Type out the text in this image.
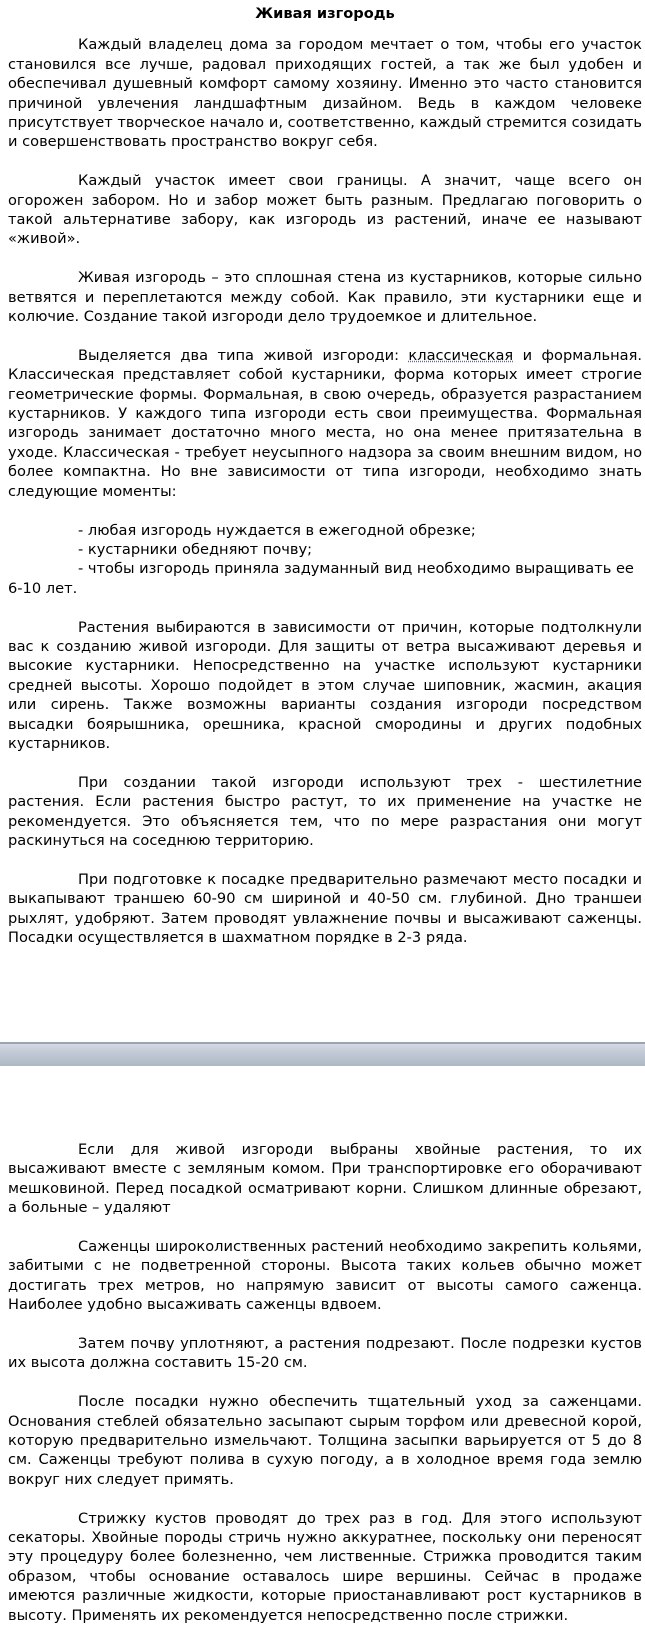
Живая изгородь

Каждый владелец дома за городом мечтает о том, чтобы его участок становился все лучше, радовал приходящих гостей, а так же был удобен и обеспечивал душевный комфорт самому хозяину. Именно это часто становится причиной увлечения ландшафтным дизайном. Ведь в каждом человеке присутствует творческое начало и, соответственно, каждый стремится созидать и совершенствовать пространство вокруг себя.

Каждый участок имеет свои границы. А значит, чаще всего он огорожен забором. Но и забор может быть разным. Предлагаю поговорить о такой альтернативе забору, как изгородь из растений, иначе ее называют «живой».

Живая изгородь – это сплошная стена из кустарников, которые сильно ветвятся и переплетаются между собой. Как правило, эти кустарники еще и колючие. Создание такой изгороди дело трудоемкое и длительное.

Выделяется два типа живой изгороди: классическая и формальная. Классическая представляет собой кустарники, форма которых имеет строгие геометрические формы. Формальная, в свою очередь, образуется разрастанием кустарников. У каждого типа изгороди есть свои преимущества. Формальная изгородь занимает достаточно много места, но она менее притязательна в уходе. Классическая - требует неусыпного надзора за своим внешним видом, но более компактна. Но вне зависимости от типа изгороди, необходимо знать следующие моменты:

- любая изгородь нуждается в ежегодной обрезке;
- кустарники обедняют почву;
- чтобы изгородь приняла задуманный вид необходимо выращивать ее 6-10 лет.

Растения выбираются в зависимости от причин, которые подтолкнули вас к созданию живой изгороди. Для защиты от ветра высаживают деревья и высокие кустарники. Непосредственно на участке используют кустарники средней высоты. Хорошо подойдет в этом случае шиповник, жасмин, акация или сирень. Также возможны варианты создания изгороди посредством высадки боярышника, орешника, красной смородины и других подобных кустарников.

При создании такой изгороди используют трех - шестилетние растения. Если растения быстро растут, то их применение на участке не рекомендуется. Это объясняется тем, что по мере разрастания они могут раскинуться на соседнюю территорию.

При подготовке к посадке предварительно размечают место посадки и выкапывают траншею 60-90 см шириной и 40-50 см. глубиной. Дно траншеи рыхлят, удобряют. Затем проводят увлажнение почвы и высаживают саженцы. Посадки осуществляется в шахматном порядке в 2-3 ряда.

Если для живой изгороди выбраны хвойные растения, то их высаживают вместе с земляным комом. При транспортировке его оборачивают мешковиной. Перед посадкой осматривают корни. Слишком длинные обрезают, а больные – удаляют

Саженцы широколиственных растений необходимо закрепить кольями, забитыми с не подветренной стороны. Высота таких кольев обычно может достигать трех метров, но напрямую зависит от высоты самого саженца. Наиболее удобно высаживать саженцы вдвоем.

Затем почву уплотняют, а растения подрезают. После подрезки кустов их высота должна составить 15-20 см.

После посадки нужно обеспечить тщательный уход за саженцами. Основания стеблей обязательно засыпают сырым торфом или древесной корой, которую предварительно измельчают. Толщина засыпки варьируется от 5 до 8 см. Саженцы требуют полива в сухую погоду, а в холодное время года землю вокруг них следует примять.

Стрижку кустов проводят до трех раз в год. Для этого используют секаторы. Хвойные породы стричь нужно аккуратнее, поскольку они переносят эту процедуру более болезненно, чем лиственные. Стрижка проводится таким образом, чтобы основание оставалось шире вершины. Сейчас в продаже имеются различные жидкости, которые приостанавливают рост кустарников в высоту. Применять их рекомендуется непосредственно после стрижки.
